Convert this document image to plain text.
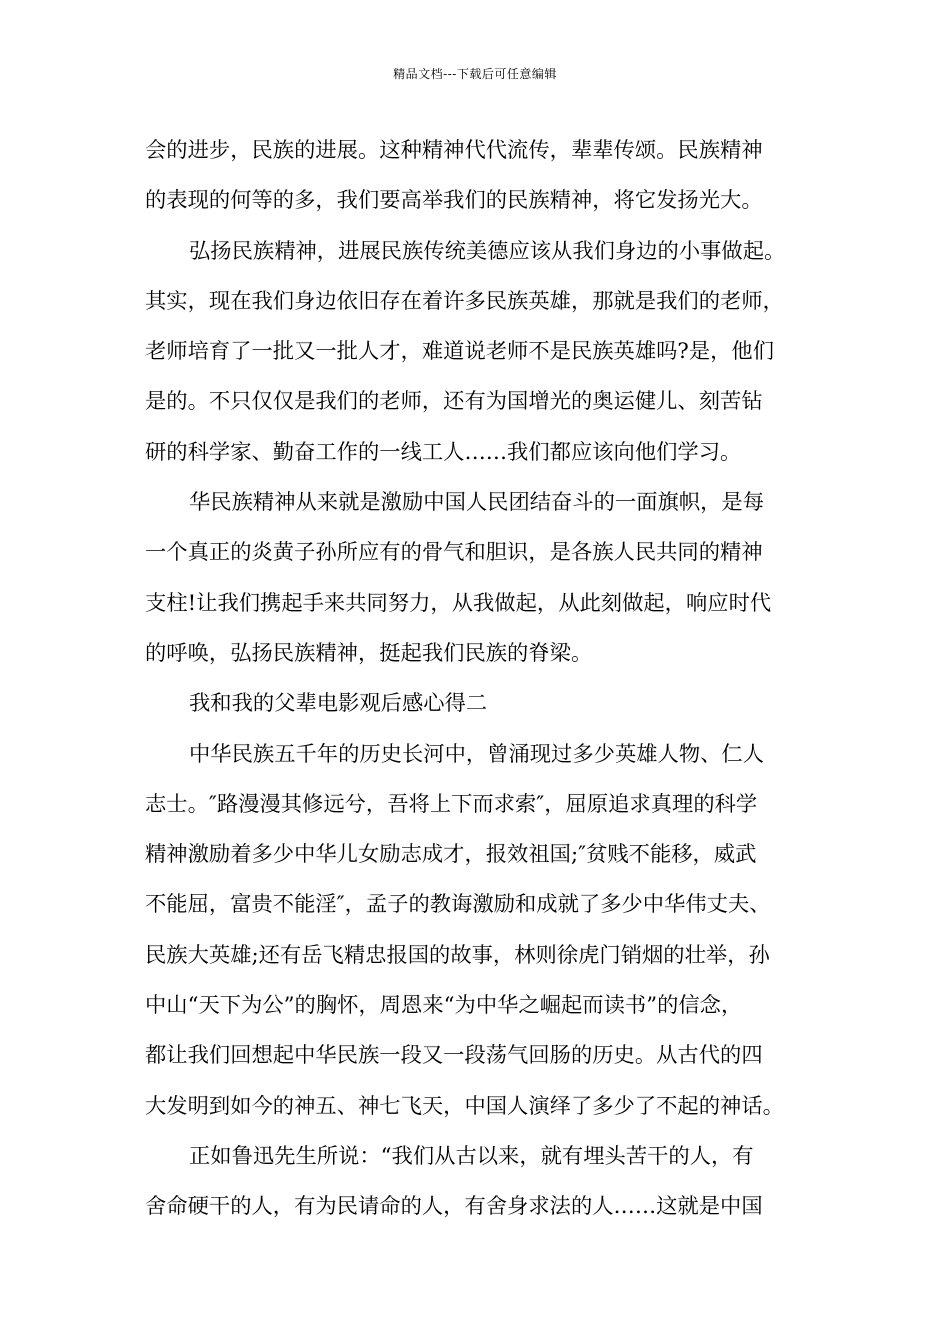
精品文档---下载后可任意编辑
会的进步，民族的进展。这种精神代代流传，辈辈传颂。民族精神
的表现的何等的多，我们要高举我们的民族精神，将它发扬光大。
弘扬民族精神，进展民族传统美德应该从我们身边的小事做起。
其实，现在我们身边依旧存在着许多民族英雄，那就是我们的老师，
老师培育了一批又一批人才，难道说老师不是民族英雄吗?是，他们
是的。不只仅仅是我们的老师，还有为国增光的奥运健儿、刻苦钻
研的科学家、勤奋工作的一线工人……我们都应该向他们学习。
华民族精神从来就是激励中国人民团结奋斗的一面旗帜，是每
一个真正的炎黄子孙所应有的骨气和胆识，是各族人民共同的精神
支柱!让我们携起手来共同努力，从我做起，从此刻做起，响应时代
的呼唤，弘扬民族精神，挺起我们民族的脊梁。
我和我的父辈电影观后感心得二
中华民族五千年的历史长河中，曾涌现过多少英雄人物、仁人
志士。″路漫漫其修远兮，吾将上下而求索″，屈原追求真理的科学
精神激励着多少中华儿女励志成才，报效祖国;″贫贱不能移，威武
不能屈，富贵不能淫″，孟子的教诲激励和成就了多少中华伟丈夫、
民族大英雄;还有岳飞精忠报国的故事，林则徐虎门销烟的壮举，孙
中山“天下为公”的胸怀，周恩来“为中华之崛起而读书”的信念，
都让我们回想起中华民族一段又一段荡气回肠的历史。从古代的四
大发明到如今的神五、神七飞天，中国人演绎了多少了不起的神话。
正如鲁迅先生所说：“我们从古以来，就有埋头苦干的人，有
舍命硬干的人，有为民请命的人，有舍身求法的人……这就是中国
